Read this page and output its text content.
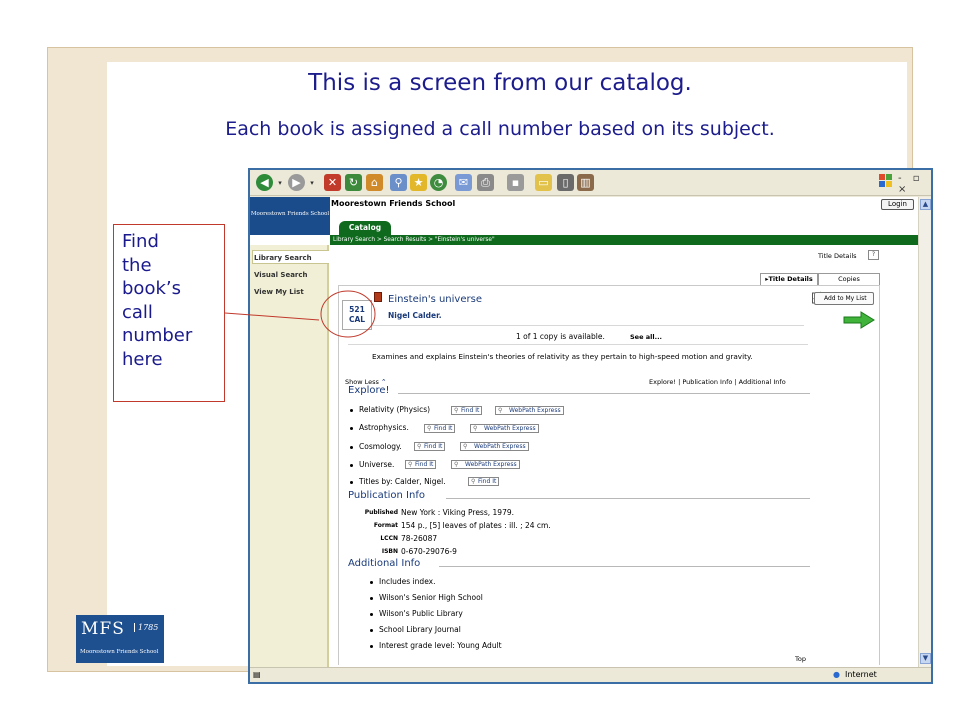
This is a screen from our catalog.
Each book is assigned a call number based on its subject.
◀	▾ ▶	▾	✕	↻	⌂	⚲	★ ◔	✉	⎙	▪	▭	▯	▥	- ▫ ×
Moorestown Friends School
Moorestown Friends School	Login
Catalog
Library Search > Search Results > "Einstein's universe"
Library Search
Visual Search
View My List
Title Details	?
▸Title Details	Copies
521
CAL
Einstein's universe
Nigel Calder.
Add to My List
1 of 1 copy is available.	See all...
Examines and explains Einstein's theories of relativity as they pertain to high-speed motion and gravity.
Show Less ⌃	Explore! | Publication Info | Additional Info
Explore!
Relativity (Physics)	⚲ Find It	⚲ WebPath Express
Astrophysics.	⚲ Find It	⚲ WebPath Express
Cosmology.	⚲ Find It	⚲ WebPath Express
Universe. ⚲ Find It	⚲ WebPath Express
Titles by: Calder, Nigel.	⚲ Find It
Publication Info
Published New York : Viking Press, 1979.
Format 154 p., [5] leaves of plates : ill. ; 24 cm.
LCCN 78-26087
ISBN 0-670-29076-9
Additional Info
Includes index.
Wilson's Senior High School
Wilson's Public Library
School Library Journal
Interest grade level: Young Adult
Top
▲
▼
▤	● Internet
Find
the
book’s
call
number
here
MFS	1785
Moorestown Friends School
